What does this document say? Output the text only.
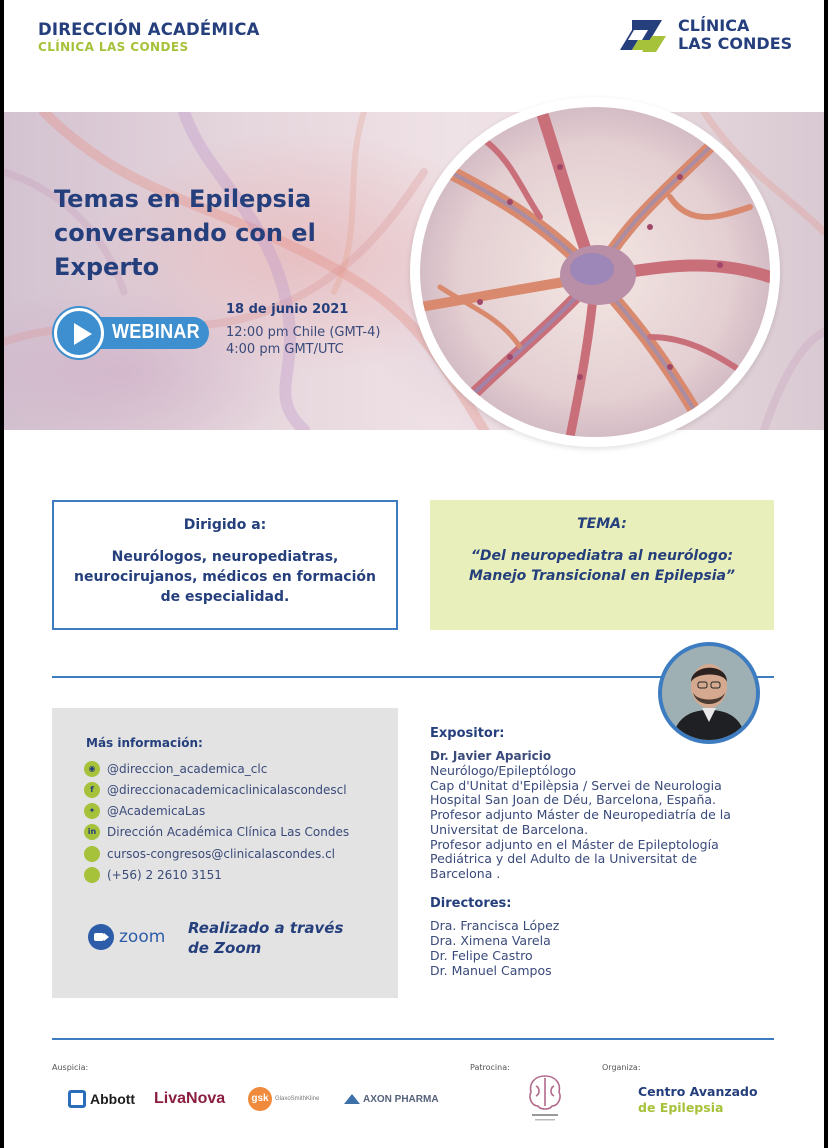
DIRECCIÓN ACADÉMICA
CLÍNICA LAS CONDES
CLÍNICA
LAS CONDES
Temas en Epilepsia conversando con el Experto
WEBINAR
18 de junio 2021
12:00 pm Chile (GMT-4)
4:00 pm GMT/UTC
Dirigido a:

Neurólogos, neuropediatras, neurocirujanos, médicos en formación de especialidad.

TEMA:

“Del neuropediatra al neurólogo: Manejo Transicional en Epilepsia”

Más información:
◉ @direccion_academica_clc
f	@direccionacademicaclinicalascondescl
✦ @AcademicaLas
in Dirección Académica Clínica Las Condes
cursos-congresos@clinicalascondes.cl
(+56) 2 2610 3151
zoom Realizado a través
de Zoom
Expositor:
Dr. Javier Aparicio
Neurólogo/Epileptólogo
Cap d'Unitat d'Epilèpsia / Servei de Neurologia
Hospital San Joan de Déu, Barcelona, España.
Profesor adjunto Máster de Neuropediatría de la
Universitat de Barcelona.
Profesor adjunto en el Máster de Epileptología
Pediátrica y del Adulto de la Universitat de
Barcelona .
Directores:
Dra. Francisca López
Dra. Ximena Varela
Dr. Felipe Castro
Dr. Manuel Campos
Auspicia:	Patrocina:	Organiza:
Abbott LivaNova	gsk	GlaxoSmithKline	AXON PHARMA	Centro Avanzado
de Epilepsia
